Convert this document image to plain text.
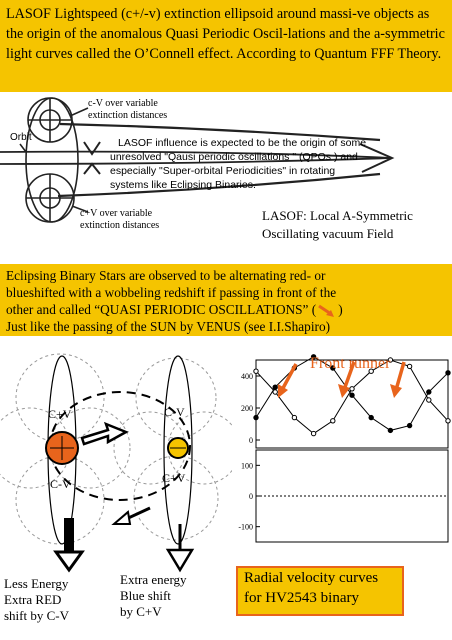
LASOF Lightspeed (c+/-v) extinction ellipsoid around massi-ve objects as the origin of the anomalous Quasi Periodic Oscil-lations and the a-symmetric light curves called the O’Connell effect. According to Quantum FFF Theory.
c-V over variable
extinction distances
Orbit	LASOF influence is expected to be the origin of some
unresolved "Qausi periodic oscillations " (QPOs ) and
especially "Super-orbital Periodicities" in rotating
systems like Eclipsing Binaries.
c+V over variable
extinction distances
LASOF: Local A-Symmetric
Oscillating vacuum Field
Eclipsing Binary Stars are observed to be alternating red- or
blueshifted with a wobbeling redshift if passing in front of the
other and called “QUASI PERIODIC OSCILLATIONS” ( )
Just like the passing of the SUN by VENUS (see I.I.Shapiro)
C+V
C-V
C-V
C+V
Less Energy
Extra RED
shift by C-V
Extra energy
Blue shift
by C+V
400
200
0
100
0
-100
Front runner
Radial velocity curves
for HV2543 binary
